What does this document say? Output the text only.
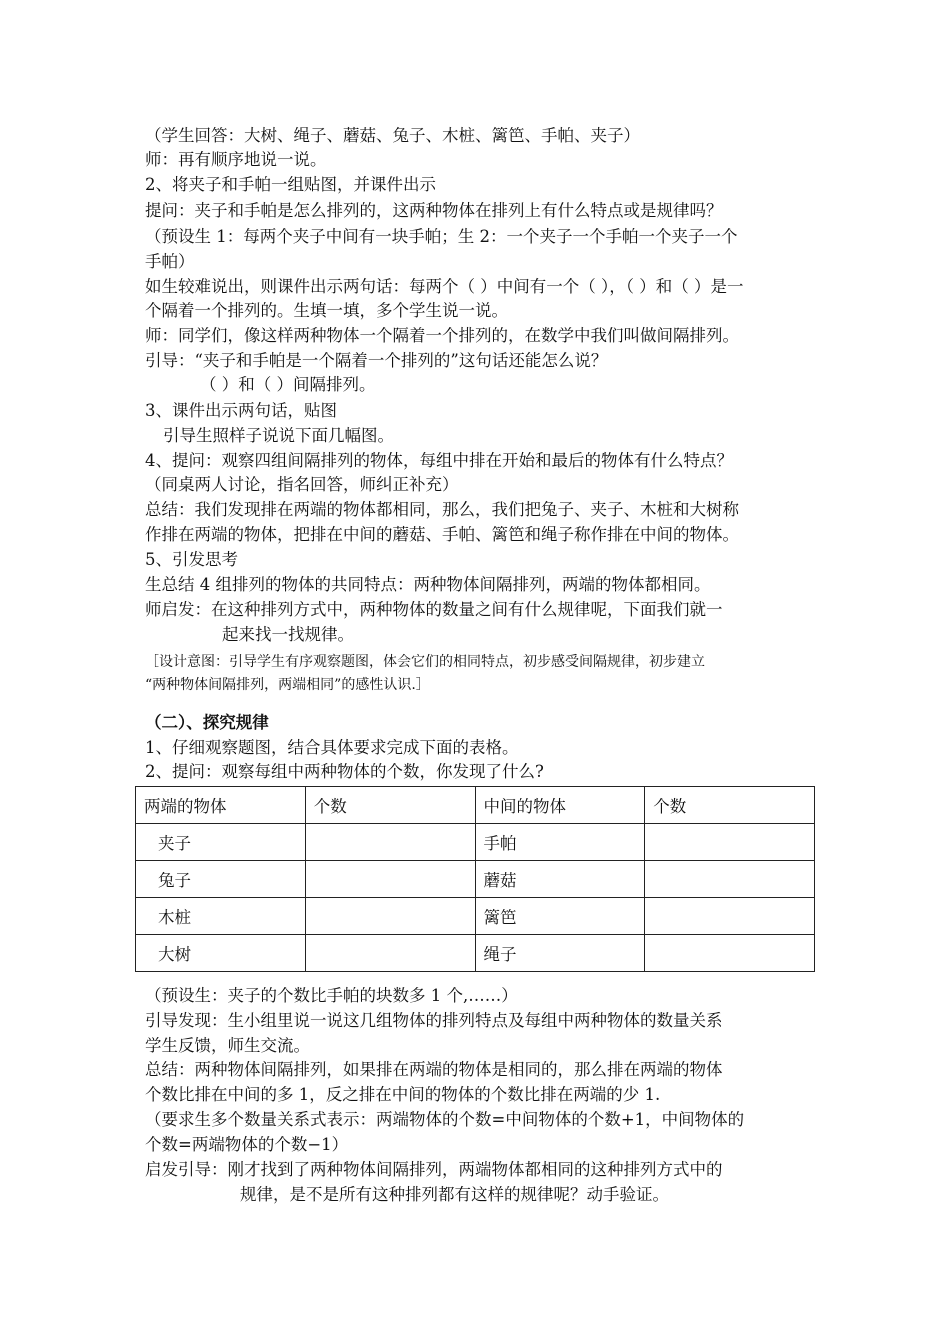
（学生回答：大树、绳子、蘑菇、兔子、木桩、篱笆、手帕、夹子）
师：再有顺序地说一说。
2、将夹子和手帕一组贴图，并课件出示
提问：夹子和手帕是怎么排列的，这两种物体在排列上有什么特点或是规律吗？
（预设生 1：每两个夹子中间有一块手帕；生 2：一个夹子一个手帕一个夹子一个
手帕）
如生较难说出，则课件出示两句话：每两个（ ）中间有一个（ ），（ ）和（ ）是一
个隔着一个排列的。生填一填，多个学生说一说。
师：同学们，像这样两种物体一个隔着一个排列的，在数学中我们叫做间隔排列。
引导：“夹子和手帕是一个隔着一个排列的”这句话还能怎么说？
（ ）和（ ）间隔排列。
3、课件出示两句话，贴图
引导生照样子说说下面几幅图。
4、提问：观察四组间隔排列的物体，每组中排在开始和最后的物体有什么特点？
（同桌两人讨论，指名回答，师纠正补充）
总结：我们发现排在两端的物体都相同，那么，我们把兔子、夹子、木桩和大树称
作排在两端的物体，把排在中间的蘑菇、手帕、篱笆和绳子称作排在中间的物体。
5、引发思考
生总结 4 组排列的物体的共同特点：两种物体间隔排列，两端的物体都相同。
师启发：在这种排列方式中，两种物体的数量之间有什么规律呢，下面我们就一
起来找一找规律。
［设计意图：引导学生有序观察题图，体会它们的相同特点，初步感受间隔规律，初步建立
“两种物体间隔排列，两端相同”的感性认识.］
（二）、探究规律
1、仔细观察题图，结合具体要求完成下面的表格。
2、提问：观察每组中两种物体的个数，你发现了什么?
两端的物体	个数	中间的物体	个数
夹子		手帕	
兔子		蘑菇	
木桩		篱笆	
大树		绳子	
（预设生：夹子的个数比手帕的块数多 1 个,……）
引导发现：生小组里说一说这几组物体的排列特点及每组中两种物体的数量关系
学生反馈，师生交流。
总结：两种物体间隔排列，如果排在两端的物体是相同的，那么排在两端的物体
个数比排在中间的多 1，反之排在中间的物体的个数比排在两端的少 1.
（要求生多个数量关系式表示：两端物体的个数=中间物体的个数+1，中间物体的
个数=两端物体的个数−1）
启发引导：刚才找到了两种物体间隔排列，两端物体都相同的这种排列方式中的
规律，是不是所有这种排列都有这样的规律呢？动手验证。
